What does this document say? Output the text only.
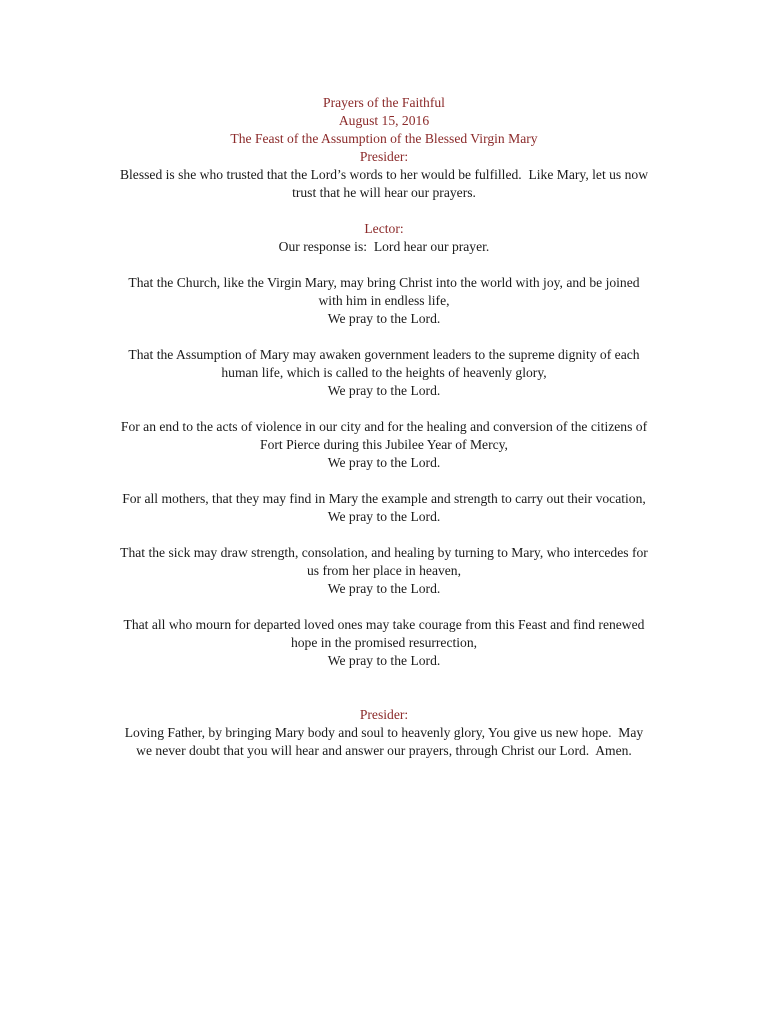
Prayers of the Faithful
August 15, 2016
The Feast of the Assumption of the Blessed Virgin Mary
Presider:
Blessed is she who trusted that the Lord’s words to her would be fulfilled.  Like Mary, let us now
trust that he will hear our prayers.
Lector:
Our response is:  Lord hear our prayer.
That the Church, like the Virgin Mary, may bring Christ into the world with joy, and be joined
with him in endless life,
We pray to the Lord.
That the Assumption of Mary may awaken government leaders to the supreme dignity of each
human life, which is called to the heights of heavenly glory,
We pray to the Lord.
For an end to the acts of violence in our city and for the healing and conversion of the citizens of
Fort Pierce during this Jubilee Year of Mercy,
We pray to the Lord.
For all mothers, that they may find in Mary the example and strength to carry out their vocation,
We pray to the Lord.
That the sick may draw strength, consolation, and healing by turning to Mary, who intercedes for
us from her place in heaven,
We pray to the Lord.
That all who mourn for departed loved ones may take courage from this Feast and find renewed
hope in the promised resurrection,
We pray to the Lord.
Presider:
Loving Father, by bringing Mary body and soul to heavenly glory, You give us new hope.  May
we never doubt that you will hear and answer our prayers, through Christ our Lord.  Amen.
